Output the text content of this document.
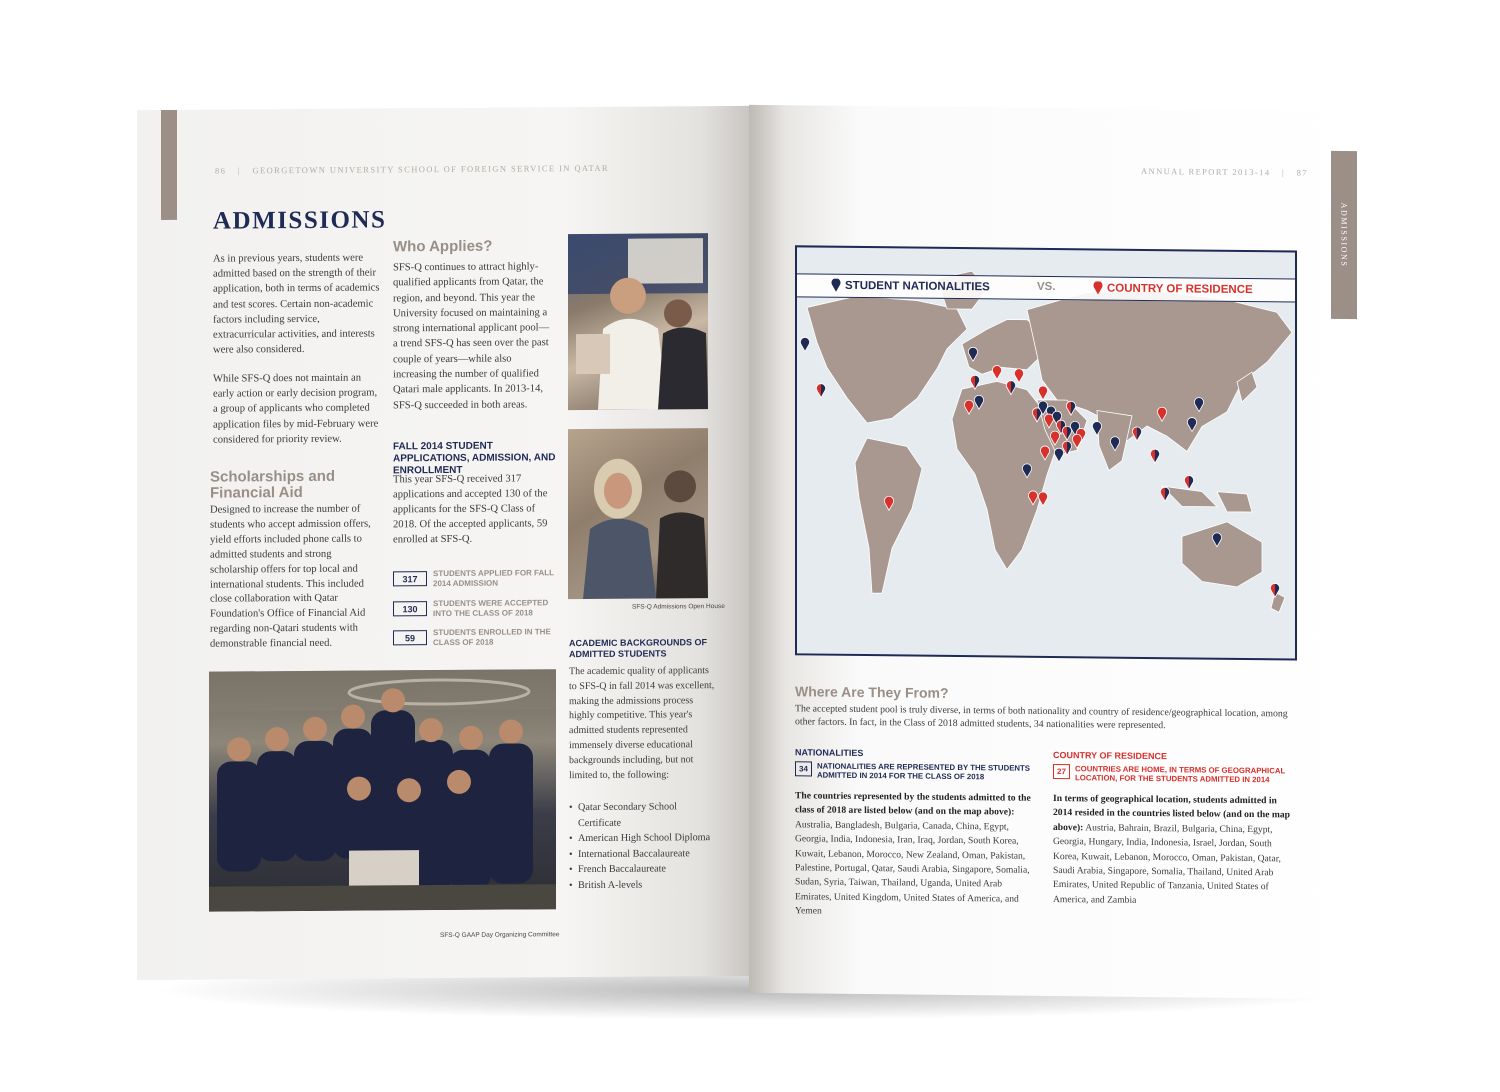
86 | GEORGETOWN UNIVERSITY SCHOOL OF FOREIGN SERVICE IN QATAR
ADMISSIONS
As in previous years, students were admitted based on the strength of their application, both in terms of academics and test scores. Certain non-academic factors including service, extracurricular activities, and interests were also considered.
While SFS-Q does not maintain an early action or early decision program, a group of applicants who completed application files by mid-February were considered for priority review.
Scholarships and Financial Aid
Designed to increase the number of students who accept admission offers, yield efforts included phone calls to admitted students and strong scholarship offers for top local and international students. This included close collaboration with Qatar Foundation's Office of Financial Aid regarding non-Qatari students with demonstrable financial need.
Who Applies?
SFS-Q continues to attract highly-qualified applicants from Qatar, the region, and beyond. This year the University focused on maintaining a strong international applicant pool—a trend SFS-Q has seen over the past couple of years—while also increasing the number of qualified Qatari male applicants. In 2013-14, SFS-Q succeeded in both areas.
FALL 2014 STUDENT APPLICATIONS, ADMISSION, AND ENROLLMENT
This year SFS-Q received 317 applications and accepted 130 of the applicants for the SFS-Q Class of 2018. Of the accepted applicants, 59 enrolled at SFS-Q.
317
STUDENTS APPLIED FOR FALL 2014 ADMISSION
130
STUDENTS WERE ACCEPTED INTO THE CLASS OF 2018
59
STUDENTS ENROLLED IN THE CLASS OF 2018
SFS-Q Admissions Open House
ACADEMIC BACKGROUNDS OF ADMITTED STUDENTS
The academic quality of applicants to SFS-Q in fall 2014 was excellent, making the admissions process highly competitive. This year's admitted students represented immensely diverse educational backgrounds including, but not limited to, the following:
• Qatar Secondary School Certificate
• American High School Diploma
• International Baccalaureate
• French Baccalaureate
• British A-levels
SFS-Q GAAP Day Organizing Committee
ANNUAL REPORT 2013-14 | 87
ADMISSIONS
STUDENT NATIONALITIES	VS.	COUNTRY OF RESIDENCE
Where Are They From?
The accepted student pool is truly diverse, in terms of both nationality and country of residence/geographical location, among other factors. In fact, in the Class of 2018 admitted students, 34 nationalities were represented.
NATIONALITIES
34	NATIONALITIES ARE REPRESENTED BY THE STUDENTS ADMITTED IN 2014 FOR THE CLASS OF 2018
The countries represented by the students admitted to the class of 2018 are listed below (and on the map above): Australia, Bangladesh, Bulgaria, Canada, China, Egypt, Georgia, India, Indonesia, Iran, Iraq, Jordan, South Korea, Kuwait, Lebanon, Morocco, New Zealand, Oman, Pakistan, Palestine, Portugal, Qatar, Saudi Arabia, Singapore, Somalia, Sudan, Syria, Taiwan, Thailand, Uganda, United Arab Emirates, United Kingdom, United States of America, and Yemen
COUNTRY OF RESIDENCE
27	COUNTRIES ARE HOME, IN TERMS OF GEOGRAPHICAL LOCATION, FOR THE STUDENTS ADMITTED IN 2014
In terms of geographical location, students admitted in 2014 resided in the countries listed below (and on the map above): Austria, Bahrain, Brazil, Bulgaria, China, Egypt, Georgia, Hungary, India, Indonesia, Israel, Jordan, South Korea, Kuwait, Lebanon, Morocco, Oman, Pakistan, Qatar, Saudi Arabia, Singapore, Somalia, Thailand, United Arab Emirates, United Republic of Tanzania, United States of America, and Zambia
